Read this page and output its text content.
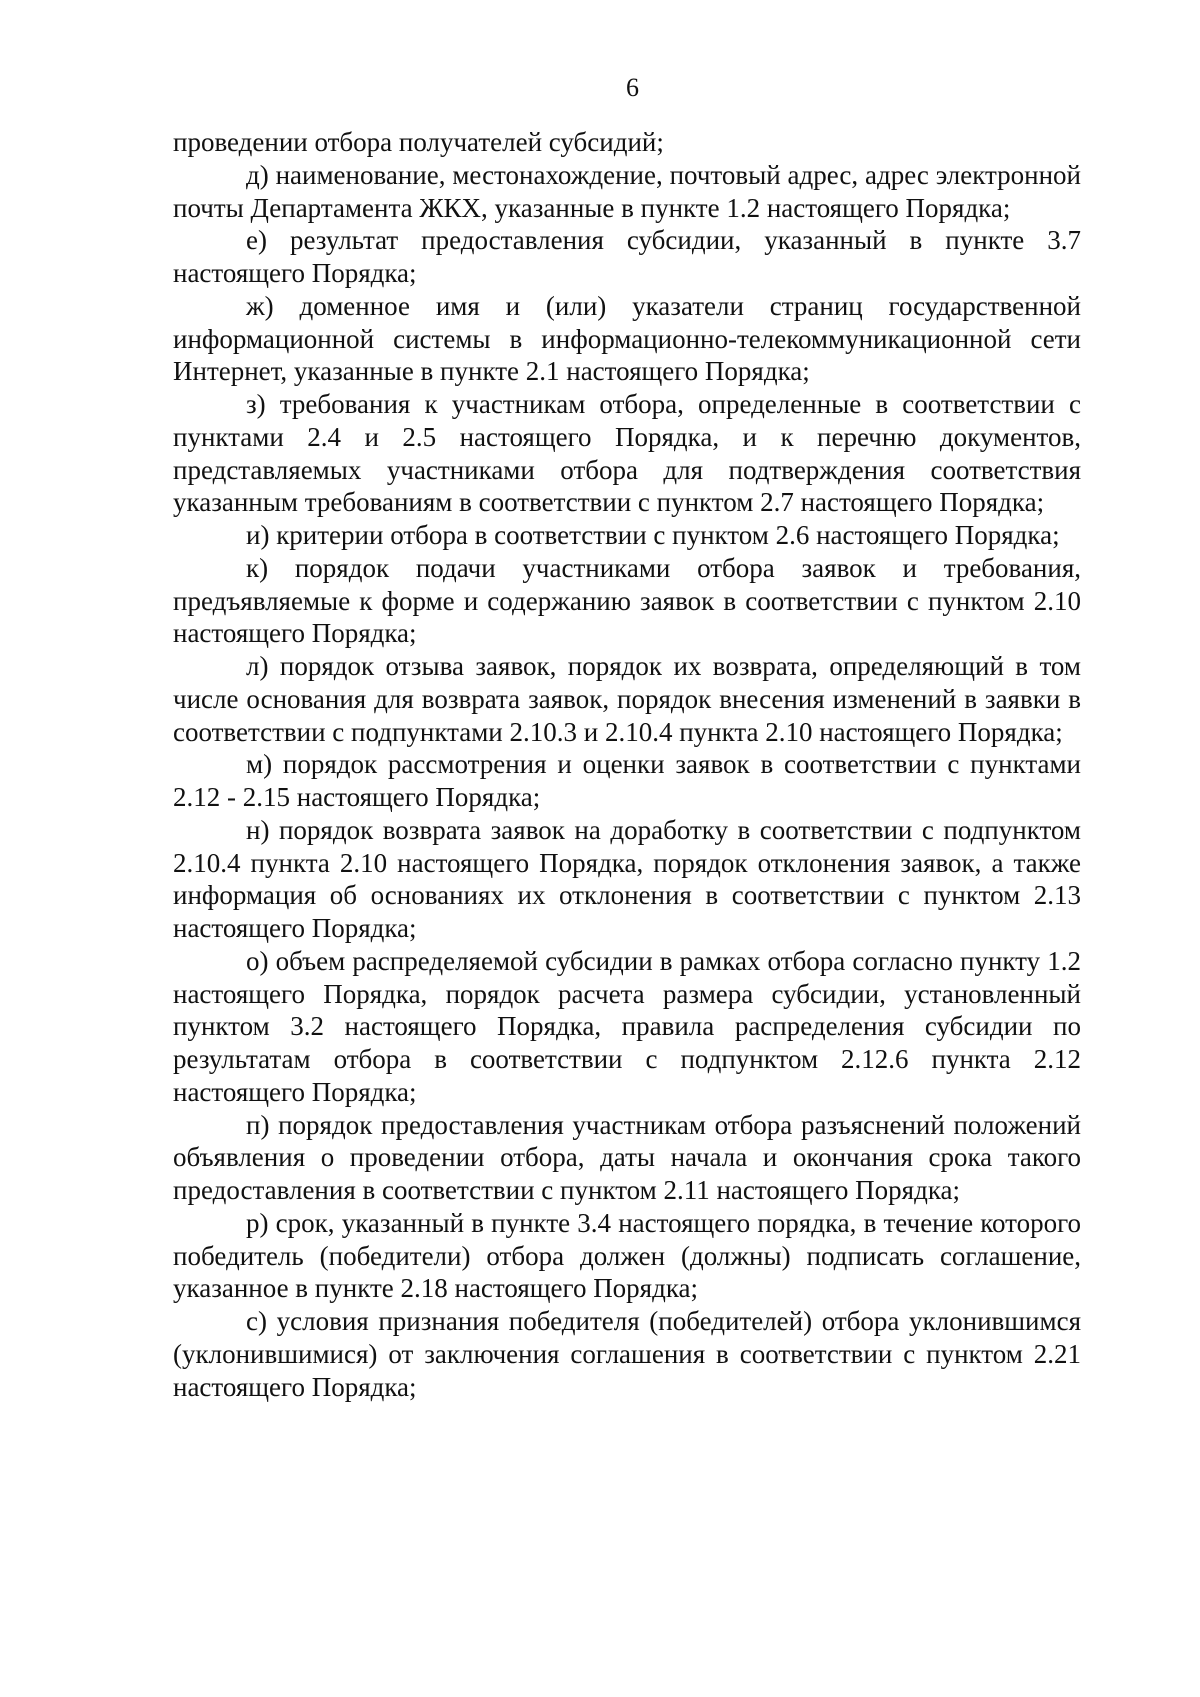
6

проведении отбора получателей субсидий;

д) наименование, местонахождение, почтовый адрес, адрес электронной почты Департамента ЖКХ, указанные в пункте 1.2 настоящего Порядка;

е) результат предоставления субсидии, указанный в пункте 3.7 настоящего Порядка;

ж) доменное имя и (или) указатели страниц государственной информационной системы в информационно-телекоммуникационной сети Интернет, указанные в пункте 2.1 настоящего Порядка;

з) требования к участникам отбора, определенные в соответствии с пунктами 2.4 и 2.5 настоящего Порядка, и к перечню документов, представляемых участниками отбора для подтверждения соответствия указанным требованиям в соответствии с пунктом 2.7 настоящего Порядка;

и) критерии отбора в соответствии с пунктом 2.6 настоящего Порядка;

к) порядок подачи участниками отбора заявок и требования, предъявляемые к форме и содержанию заявок в соответствии с пунктом 2.10 настоящего Порядка;

л) порядок отзыва заявок, порядок их возврата, определяющий в том числе основания для возврата заявок, порядок внесения изменений в заявки в соответствии с подпунктами 2.10.3 и 2.10.4 пункта 2.10 настоящего Порядка;

м) порядок рассмотрения и оценки заявок в соответствии с пунктами 2.12 - 2.15 настоящего Порядка;

н) порядок возврата заявок на доработку в соответствии с подпунктом 2.10.4 пункта 2.10 настоящего Порядка, порядок отклонения заявок, а также информация об основаниях их отклонения в соответствии с пунктом 2.13 настоящего Порядка;

о) объем распределяемой субсидии в рамках отбора согласно пункту 1.2 настоящего Порядка, порядок расчета размера субсидии, установленный пунктом 3.2 настоящего Порядка, правила распределения субсидии по результатам отбора в соответствии с подпунктом 2.12.6 пункта 2.12 настоящего Порядка;

п) порядок предоставления участникам отбора разъяснений положений объявления о проведении отбора, даты начала и окончания срока такого предоставления в соответствии с пунктом 2.11 настоящего Порядка;

р) срок, указанный в пункте 3.4 настоящего порядка, в течение которого победитель (победители) отбора должен (должны) подписать соглашение, указанное в пункте 2.18 настоящего Порядка;

с) условия признания победителя (победителей) отбора уклонившимся (уклонившимися) от заключения соглашения в соответствии с пунктом 2.21 настоящего Порядка;
